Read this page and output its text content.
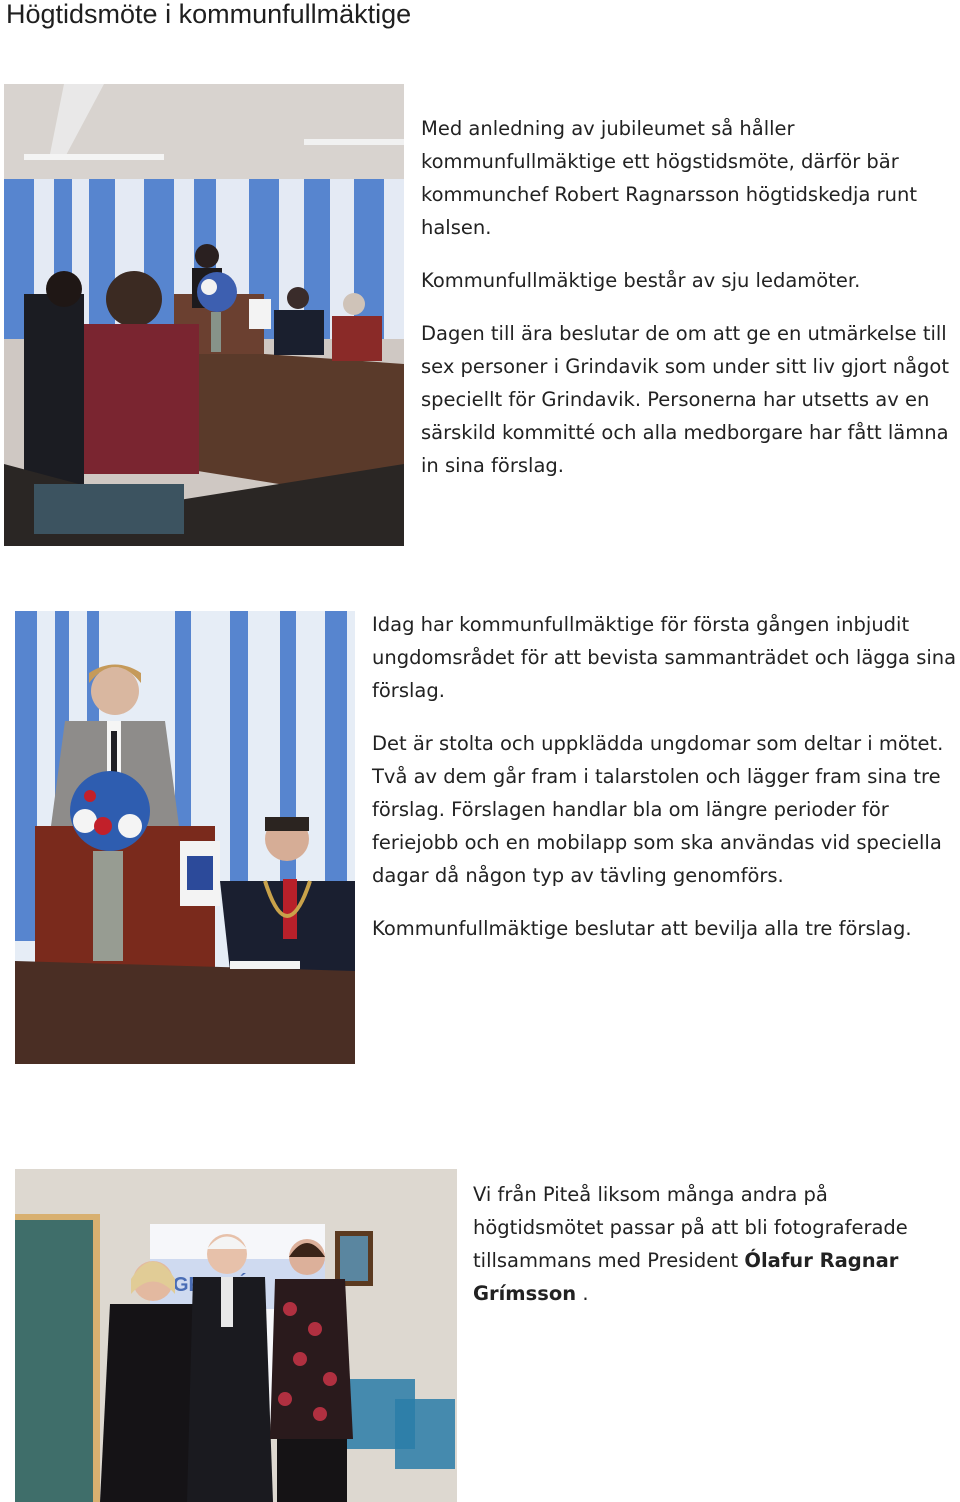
Högtidsmöte i kommunfullmäktige

Med anledning av jubileumet så håller kommunfullmäktige ett högstidsmöte, därför bär kommunchef Robert Ragnarsson högtidskedja runt halsen.

Kommunfullmäktige består av sju ledamöter.

Dagen till ära beslutar de om att ge en utmärkelse till sex personer i Grindavik som under sitt liv gjort något speciellt för Grindavik. Personerna har utsetts av en särskild kommitté och alla medborgare har fått lämna in sina förslag.

Idag har kommunfullmäktige för första gången inbjudit ungdomsrådet för att bevista sammanträdet och lägga sina förslag.

Det är stolta och uppklädda ungdomar som deltar i mötet. Två av dem går fram i talarstolen och lägger fram sina tre förslag. Förslagen handlar bla om längre perioder för feriejobb och en mobilapp som ska användas vid speciella dagar då någon typ av tävling genomförs.

Kommunfullmäktige beslutar att bevilja alla tre förslag.

GRI

Vi från Piteå liksom många andra på högtidsmötet passar på att bli fotograferade tillsammans med President Ólafur Ragnar Grímsson .
